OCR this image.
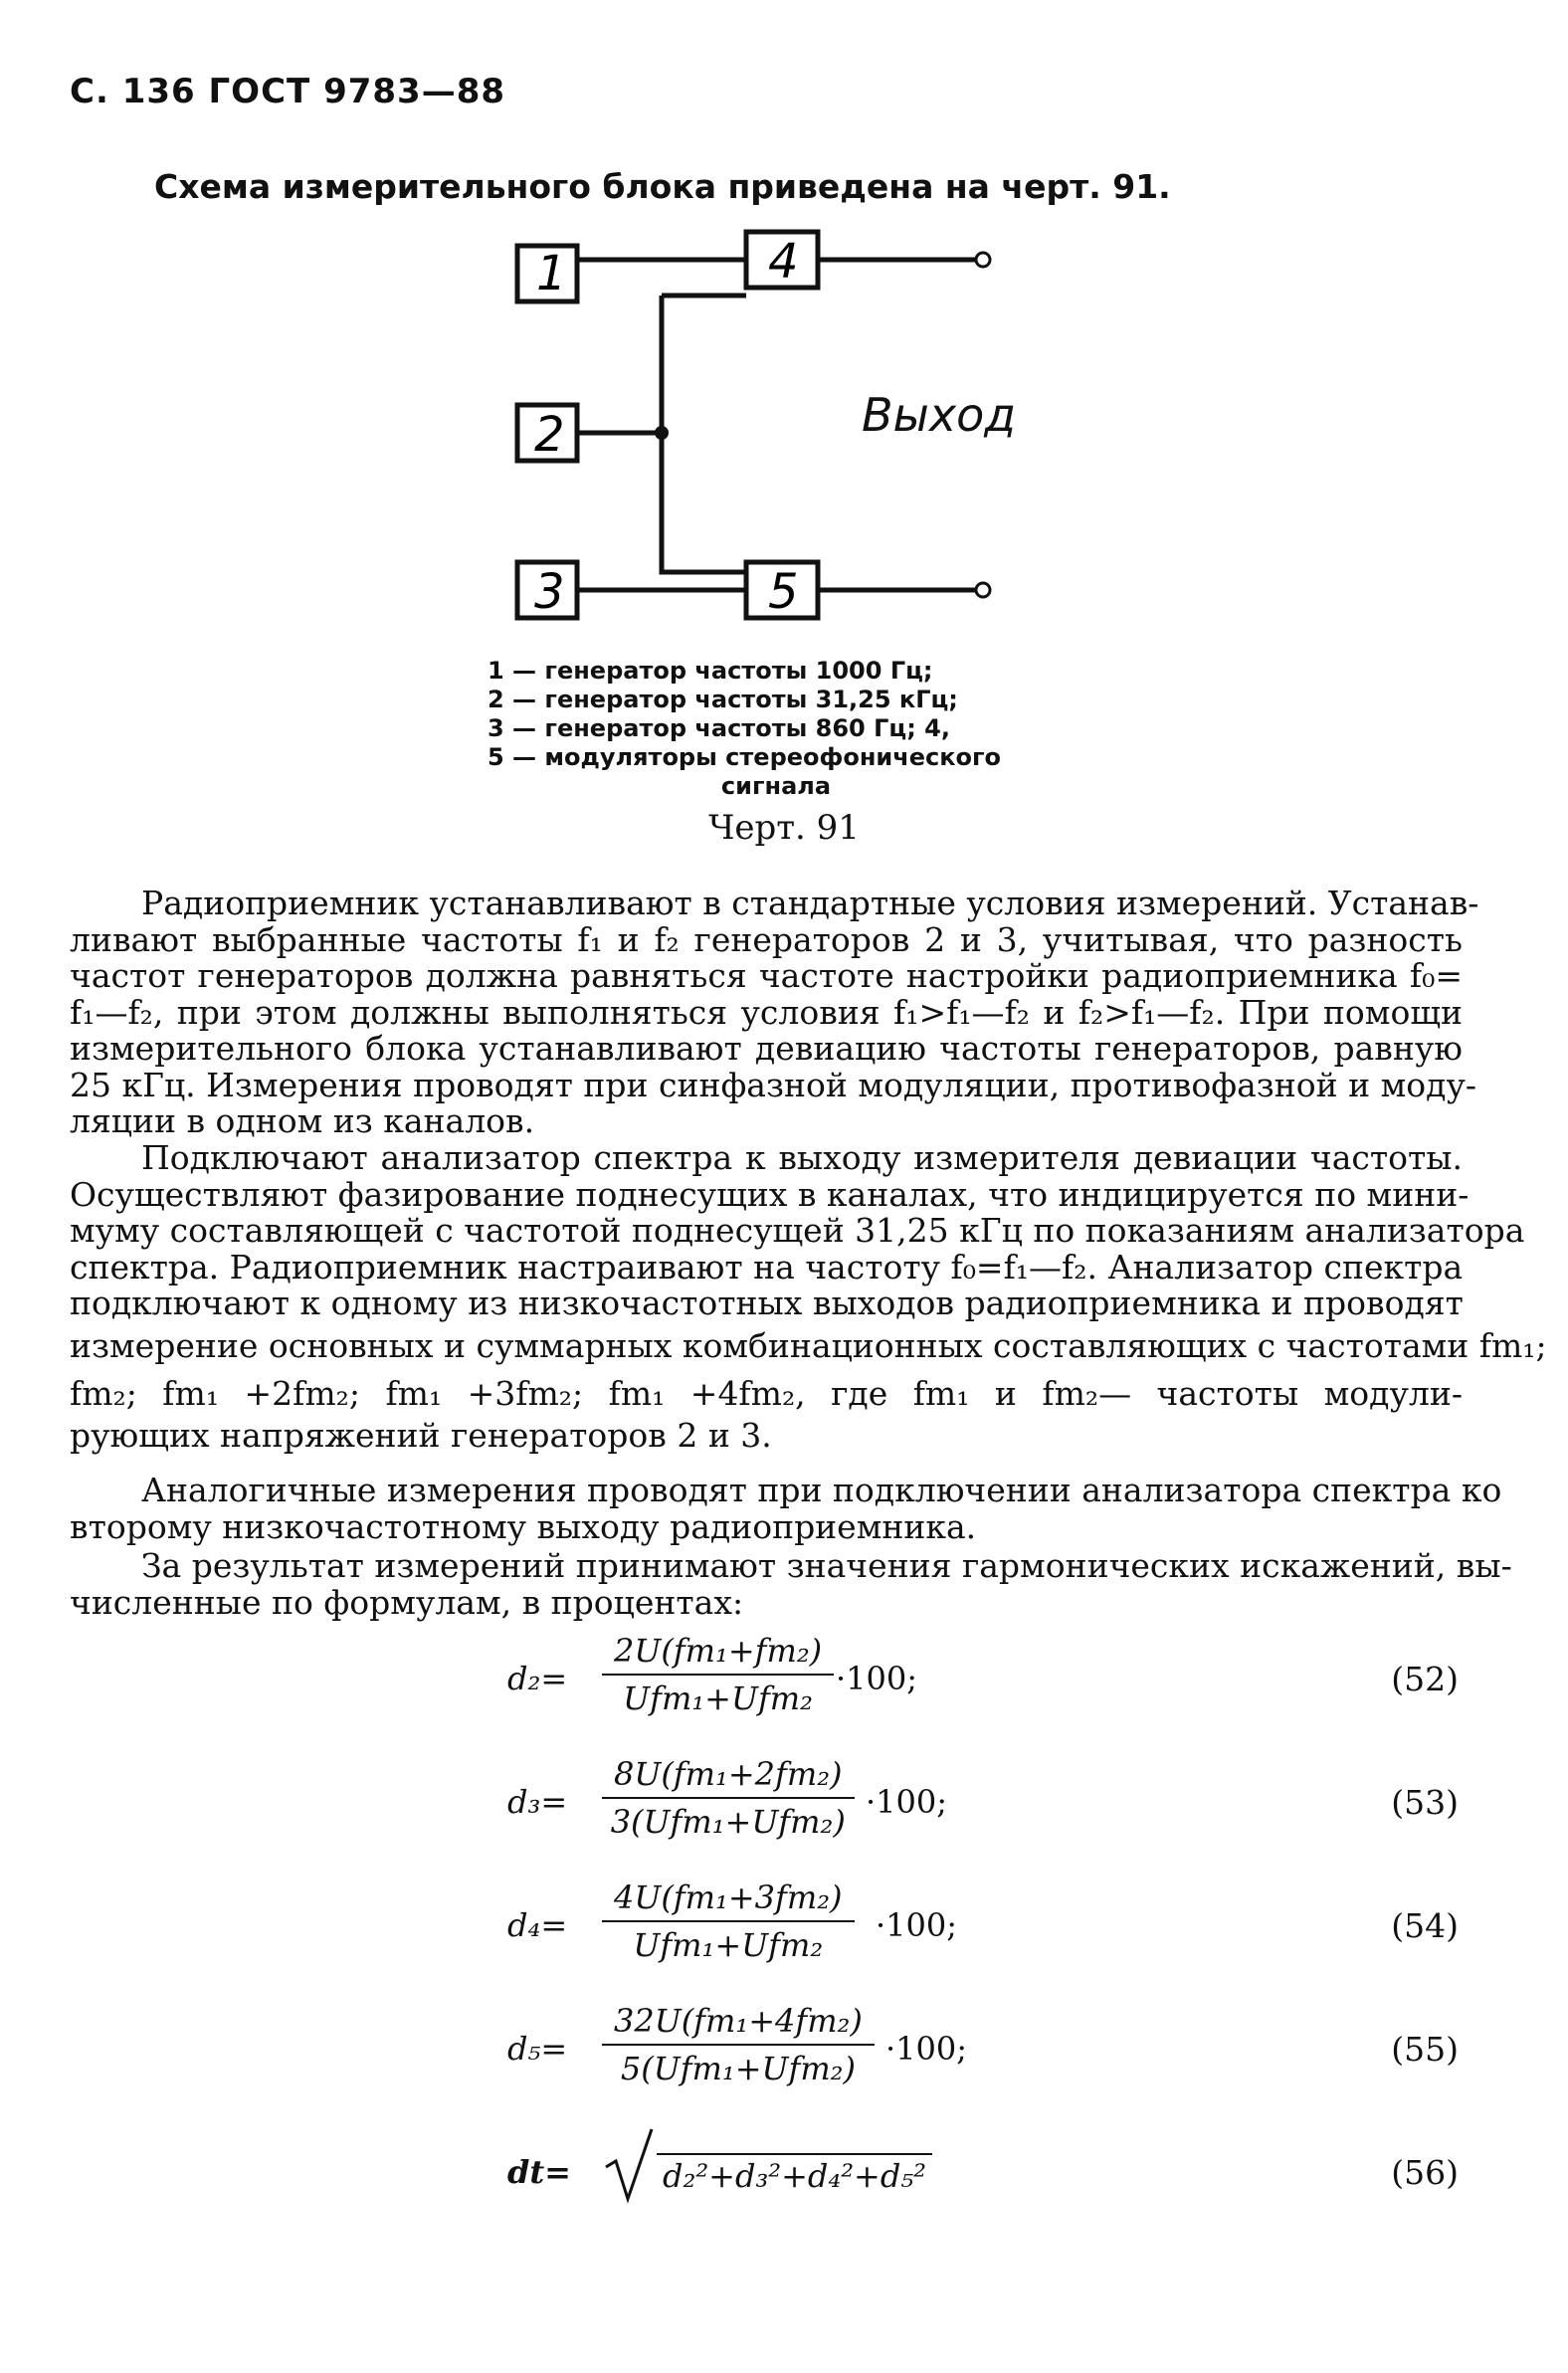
С. 136 ГОСТ 9783—88
Схема измерительного блока приведена на черт. 91.
1
2
3
4
5
Выход
1 — генератор частоты 1000 Гц;
2 — генератор частоты 31,25 кГц;
3 — генератор частоты 860 Гц; 4,
5 — модуляторы стереофонического
сигнала
Черт. 91
Радиоприемник устанавливают в стандартные условия измерений. Устанав-
ливают выбранные частоты f₁ и f₂ генераторов 2 и 3, учитывая, что разность
частот генераторов должна равняться частоте настройки радиоприемника f₀=
f₁—f₂, при этом должны выполняться условия f₁>f₁—f₂ и f₂>f₁—f₂. При помощи
измерительного блока устанавливают девиацию частоты генераторов, равную
25 кГц. Измерения проводят при синфазной модуляции, противофазной и моду-
ляции в одном из каналов.
Подключают анализатор спектра к выходу измерителя девиации частоты.
Осуществляют фазирование поднесущих в каналах, что индицируется по мини-
муму составляющей с частотой поднесущей 31,25 кГц по показаниям анализатора
спектра. Радиоприемник настраивают на частоту f₀=f₁—f₂. Анализатор спектра
подключают к одному из низкочастотных выходов радиоприемника и проводят
измерение основных и суммарных комбинационных составляющих с частотами fm₁;
fm₂; fm₁ +2fm₂; fm₁ +3fm₂; fm₁ +4fm₂, где fm₁ и fm₂— частоты модули-
рующих напряжений генераторов 2 и 3.
Аналогичные измерения проводят при подключении анализатора спектра ко
второму низкочастотному выходу радиоприемника.
За результат измерений принимают значения гармонических искажений, вы-
численные по формулам, в процентах:
d₂=
2U(fm₁+fm₂)
Ufm₁+Ufm₂
·100;	(52)
d₃=
8U(fm₁+2fm₂)
3(Ufm₁+Ufm₂)
·100;	(53)
d₄=
4U(fm₁+3fm₂)
Ufm₁+Ufm₂
·100;	(54)
d₅=
32U(fm₁+4fm₂)
5(Ufm₁+Ufm₂)
·100;	(55)
dt=	d₂²+d₃²+d₄²+d₅²	(56)
